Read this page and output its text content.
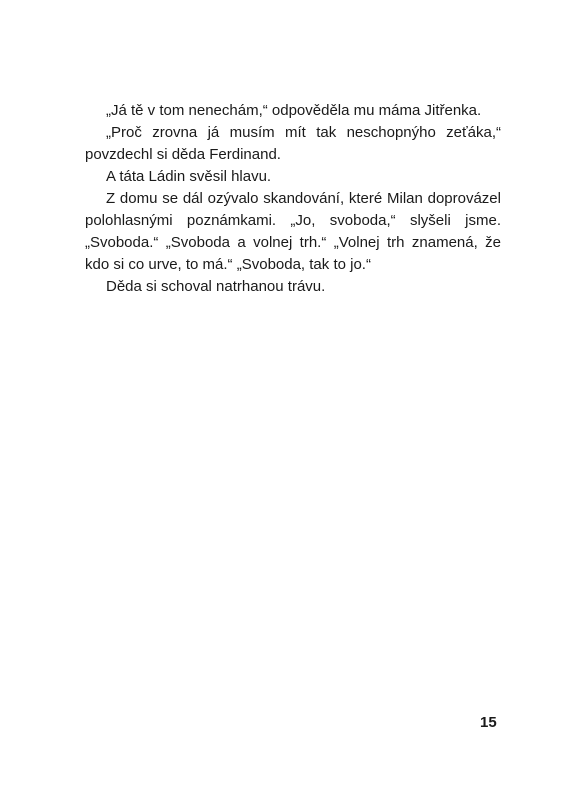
„Já tě v tom nenechám,“ odpověděla mu máma Jitřenka.

„Proč zrovna já musím mít tak neschopnýho zeťáka,“ povzdechl si děda Ferdinand.

A táta Ládin svěsil hlavu.

Z domu se dál ozývalo skandování, které Milan doprovázel polohlasnými poznámkami. „Jo, svoboda,“ slyšeli jsme. „Svoboda.“ „Svoboda a volnej trh.“ „Volnej trh znamená, že kdo si co urve, to má.“ „Svoboda, tak to jo.“

Děda si schoval natrhanou trávu.

15
